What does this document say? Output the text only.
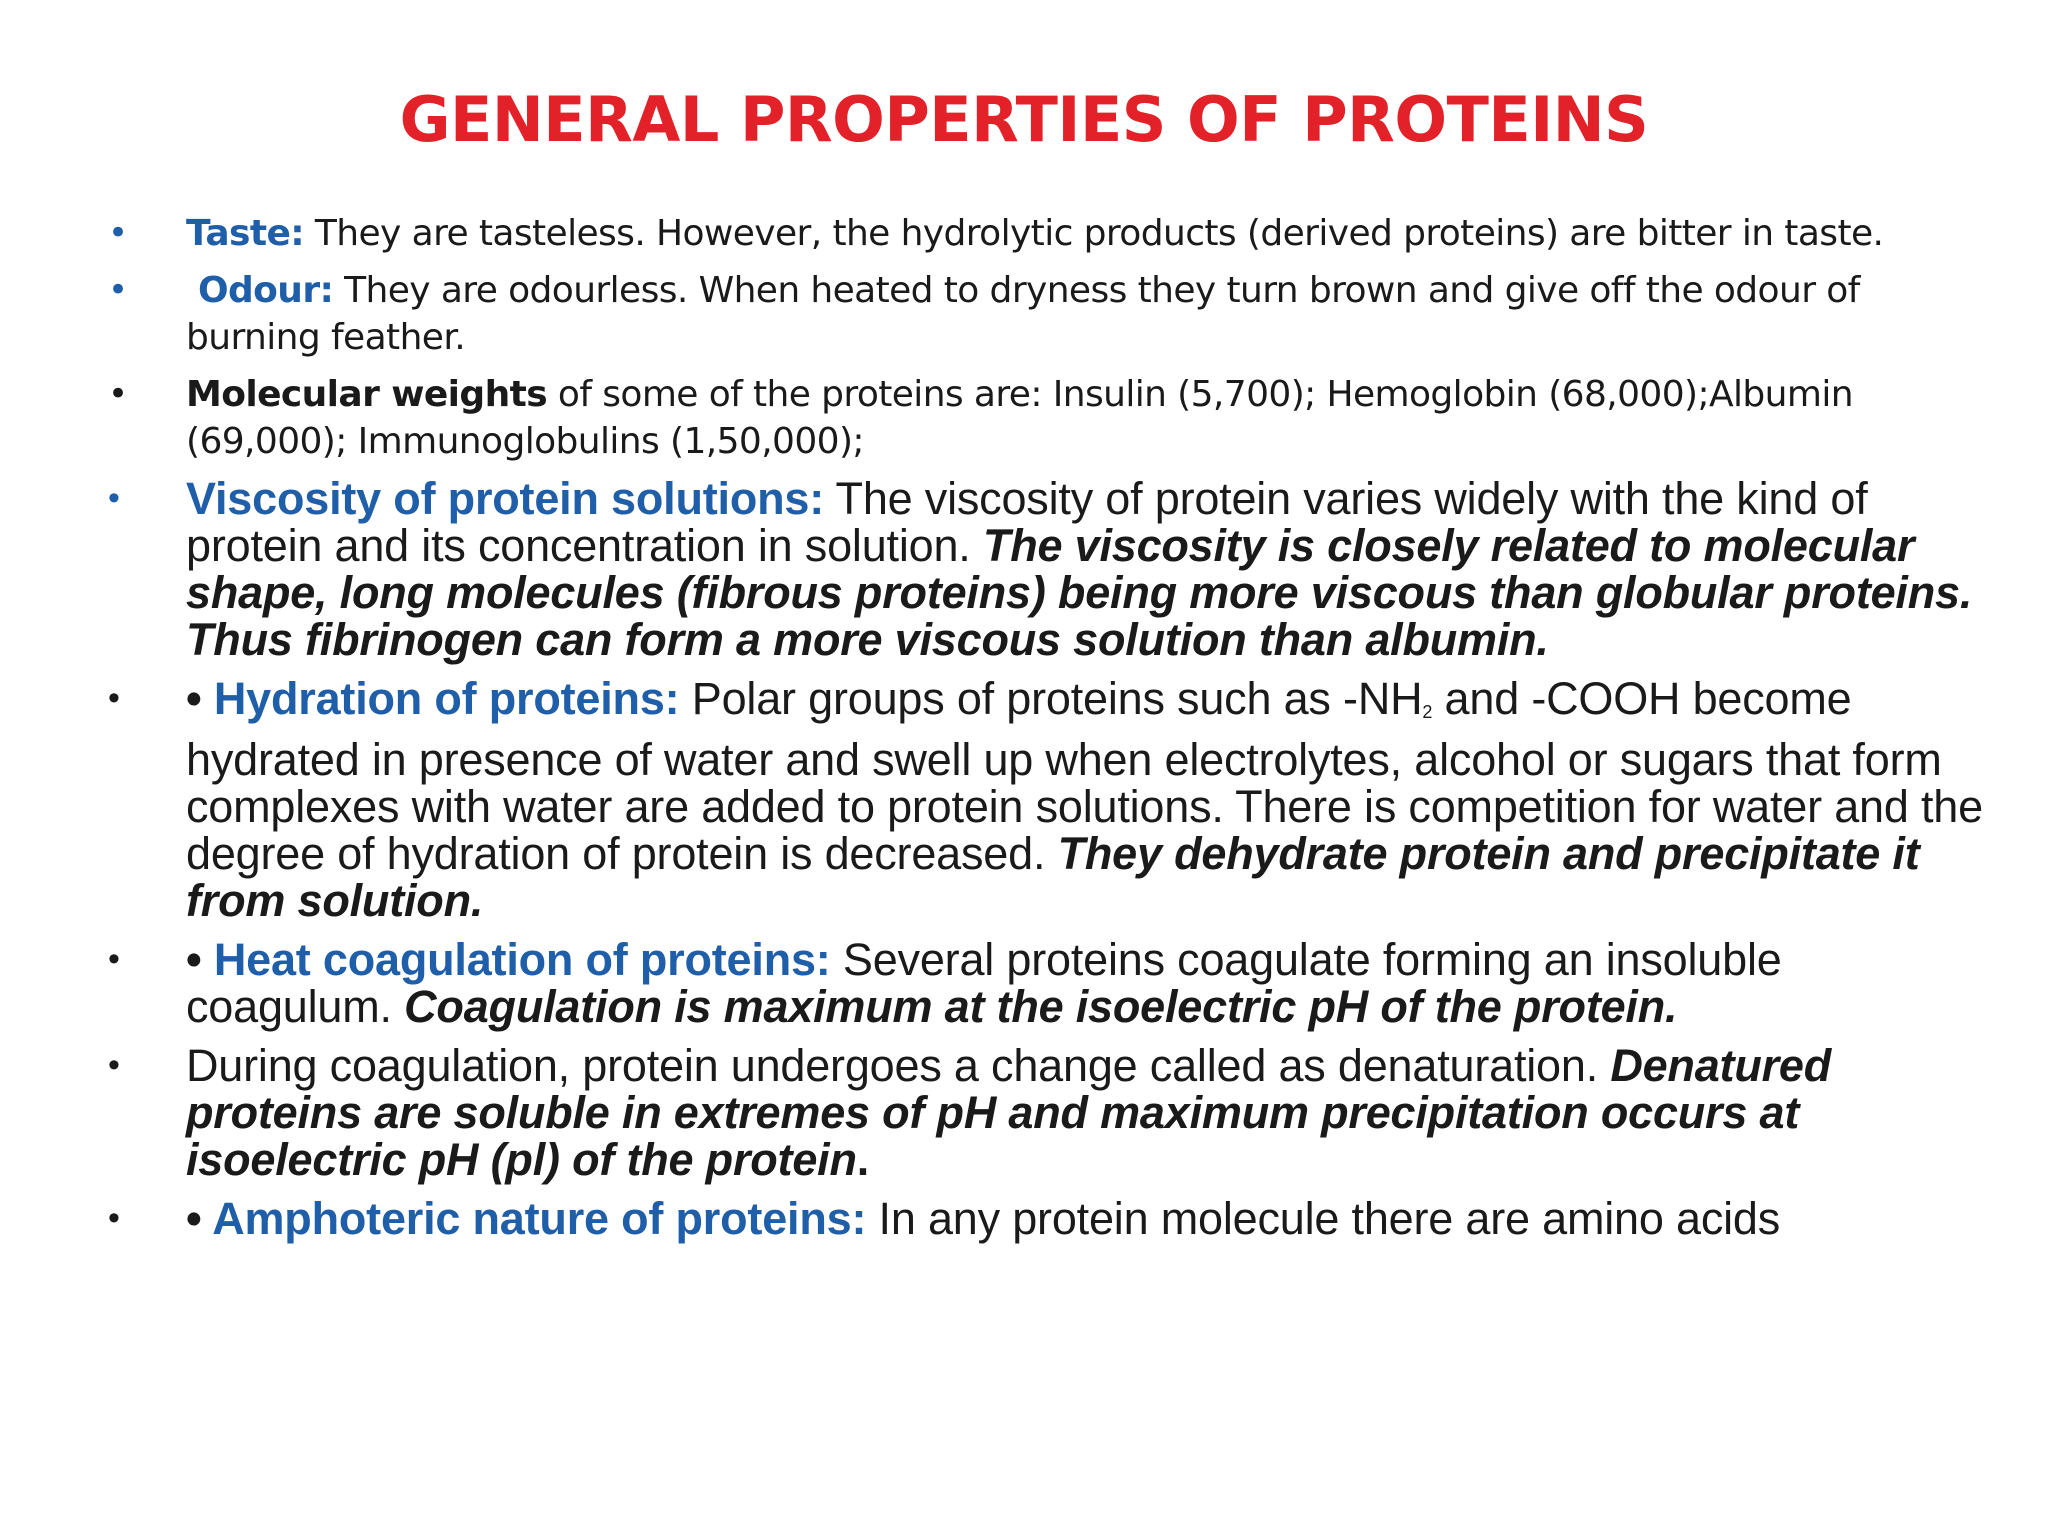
GENERAL PROPERTIES OF PROTEINS
• Taste: They are tasteless. However, the hydrolytic products (derived proteins) are bitter in taste.
• Odour: They are odourless. When heated to dryness they turn brown and give off the odour of burning feather.
• Molecular weights of some of the proteins are: Insulin (5,700); Hemoglobin (68,000);Albumin (69,000); Immunoglobulins (1,50,000);
• Viscosity of protein solutions: The viscosity of protein varies widely with the kind of protein and its concentration in solution. The viscosity is closely related to molecular shape, long molecules (fibrous proteins) being more viscous than globular proteins. Thus fibrinogen can form a more viscous solution than albumin.
• • Hydration of proteins: Polar groups of proteins such as $-NH_2$ and -COOH become hydrated in presence of water and swell up when electrolytes, alcohol or sugars that form complexes with water are added to protein solutions. There is competition for water and the degree of hydration of protein is decreased. They dehydrate protein and precipitate it from solution.
• • Heat coagulation of proteins: Several proteins coagulate forming an insoluble coagulum. Coagulation is maximum at the isoelectric pH of the protein.
• During coagulation, protein undergoes a change called as denaturation. Denatured proteins are soluble in extremes of pH and maximum precipitation occurs at isoelectric pH (pl) of the protein.
• • Amphoteric nature of proteins: In any protein molecule there are amino acids
